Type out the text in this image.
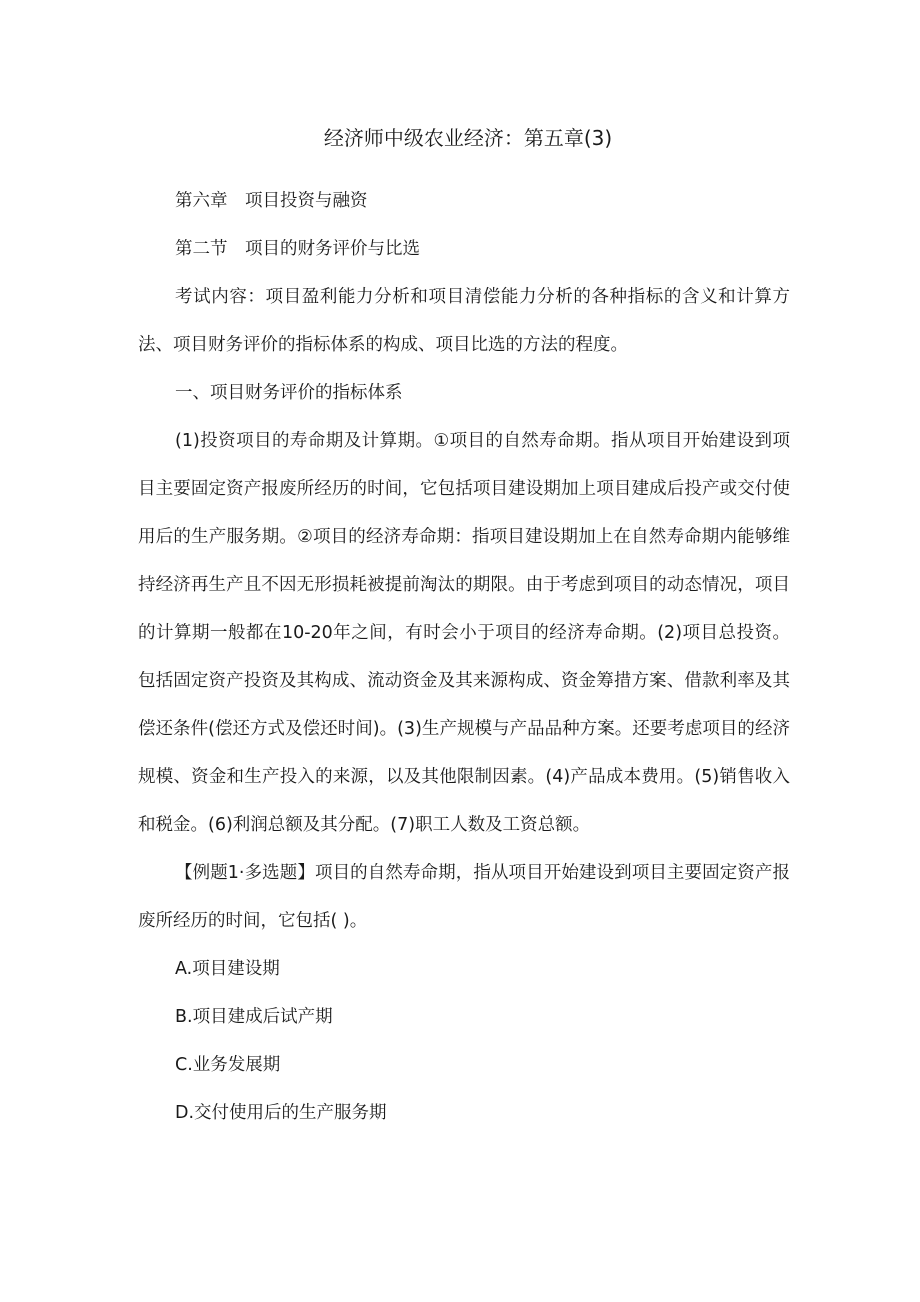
经济师中级农业经济：第五章(3)

第六章　项目投资与融资

第二节　项目的财务评价与比选

考试内容：项目盈利能力分析和项目清偿能力分析的各种指标的含义和计算方法、项目财务评价的指标体系的构成、项目比选的方法的程度。

一、项目财务评价的指标体系

(1)投资项目的寿命期及计算期。①项目的自然寿命期。指从项目开始建设到项目主要固定资产报废所经历的时间，它包括项目建设期加上项目建成后投产或交付使用后的生产服务期。②项目的经济寿命期：指项目建设期加上在自然寿命期内能够维持经济再生产且不因无形损耗被提前淘汰的期限。由于考虑到项目的动态情况，项目的计算期一般都在10-20年之间，有时会小于项目的经济寿命期。(2)项目总投资。包括固定资产投资及其构成、流动资金及其来源构成、资金筹措方案、借款利率及其偿还条件(偿还方式及偿还时间)。(3)生产规模与产品品种方案。还要考虑项目的经济规模、资金和生产投入的来源，以及其他限制因素。(4)产品成本费用。(5)销售收入和税金。(6)利润总额及其分配。(7)职工人数及工资总额。

【例题1·多选题】项目的自然寿命期，指从项目开始建设到项目主要固定资产报废所经历的时间，它包括( )。

A.项目建设期

B.项目建成后试产期

C.业务发展期

D.交付使用后的生产服务期
